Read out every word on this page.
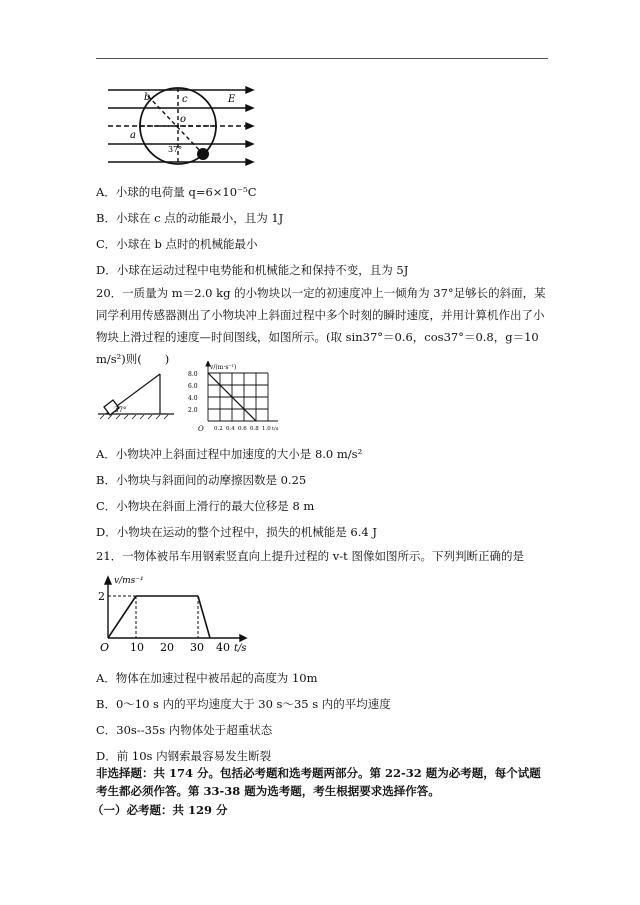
b	c
o
a
37°
E
A．小球的电荷量 q=6×10⁻⁵C
B．小球在 c 点的动能最小，且为 1J
C．小球在 b 点时的机械能最小
D．小球在运动过程中电势能和机械能之和保持不变，且为 5J
20．一质量为 m＝2.0 kg 的小物块以一定的初速度冲上一倾角为 37°足够长的斜面，某同学利用传感器测出了小物块冲上斜面过程中多个时刻的瞬时速度，并用计算机作出了小物块上滑过程的速度—时间图线，如图所示。(取 sin37°＝0.6，cos37°＝0.8，g＝10 m/s²)则(　　)
37°
v/(m·s⁻¹)
8.0
6.0
4.0
2.0
O 0.2 0.4 0.6 0.8 1.0 t/s
A．小物块冲上斜面过程中加速度的大小是 8.0 m/s²
B．小物块与斜面间的动摩擦因数是 0.25
C．小物块在斜面上滑行的最大位移是 8 m
D．小物块在运动的整个过程中，损失的机械能是 6.4 J
21．一物体被吊车用钢索竖直向上提升过程的 v-t 图像如图所示。下列判断正确的是
v/ms⁻¹
2
O 10 20 30 40 t/s
A．物体在加速过程中被吊起的高度为 10m
B．0～10 s 内的平均速度大于 30 s～35 s 内的平均速度
C．30s--35s 内物体处于超重状态
D．前 10s 内钢索最容易发生断裂
非选择题：共 174 分。包括必考题和选考题两部分。第 22-32 题为必考题，每个试题考生都必须作答。第 33-38 题为选考题，考生根据要求选择作答。
（一）必考题：共 129 分
